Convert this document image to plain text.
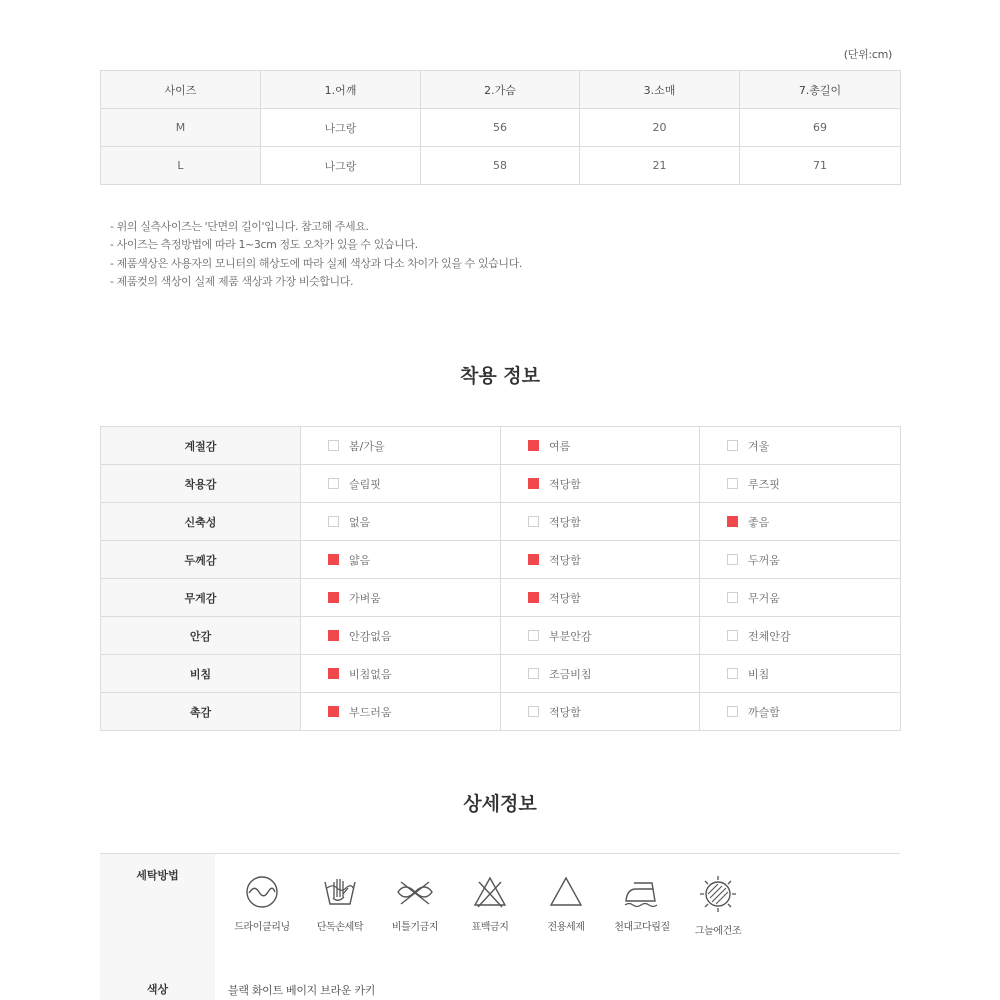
(단위:cm)
사이즈	1.어깨	2.가슴	3.소매	7.총길이
M	나그랑	56	20	69
L	나그랑	58	21	71
- 위의 실측사이즈는 '단면의 길이'입니다. 참고해 주세요.
- 사이즈는 측정방법에 따라 1~3cm 정도 오차가 있을 수 있습니다.
- 제품색상은 사용자의 모니터의 해상도에 따라 실제 색상과 다소 차이가 있을 수 있습니다.
- 제품컷의 색상이 실제 제품 색상과 가장 비슷합니다.
착용 정보
계절감	봄/가을	여름	겨울
착용감	슬림핏	적당함	루즈핏
신축성	없음	적당함	좋음
두께감	얇음	적당함	두꺼움
무게감	가벼움	적당함	무거움
안감	안감없음	부분안감	전체안감
비침	비침없음	조금비침	비침
촉감	부드러움	적당함	까슬함
상세정보
세탁방법
드라이클리닝	단독손세탁	비틀기금지	표백금지	전용세제	천대고다림질	그늘에건조
색상	블랙 화이트 베이지 브라운 카키
